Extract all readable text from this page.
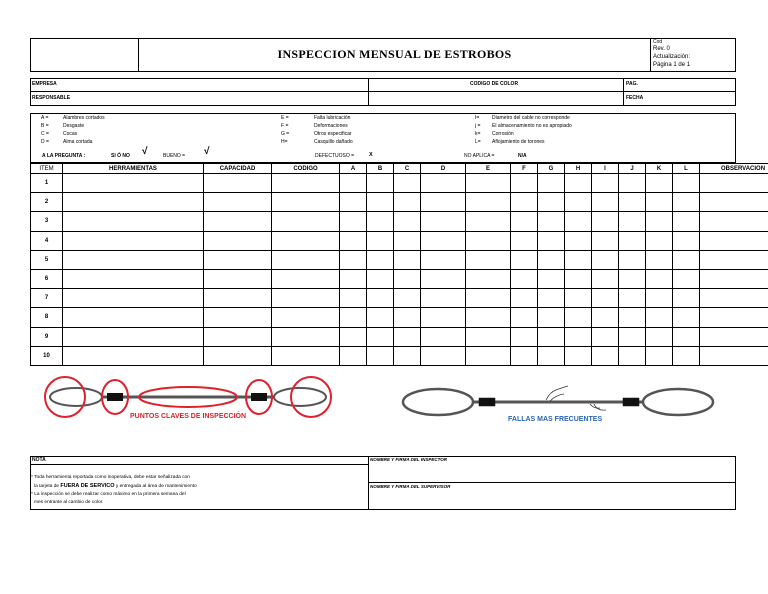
INSPECCION MENSUAL DE ESTROBOS
Cod
Rev. 0
Actualización:
Página 1 de 1
EMPRESA	CODIGO DE COLOR	PAG.
RESPONSABLE	FECHA
A =	Alambres cortados
B =	Desgaste
C =	Cocas
D =	Alma cortada
E =	Falta lubricación
F =	Deformaciones
G =	Otros especificar
H=	Casquillo dañado
I=	Diametro del cable no corresponde
j =	El almacenamiento no es apropiado
k=	Corrosión
L=	Aflojamiento de torones
A LA PREGUNTA :	SI Ó NO √	BUENO = √	DEFECTUOSO =	X	NO APLICA =	N/A
ITEM	HERRAMIENTAS	CAPACIDAD	CODIGO	A	B	C	D	E	F	G	H	I	J	K	L	OBSERVACION
1																
2																
3																
4																
5																
6																
7																
8																
9																
10																
PUNTOS CLAVES DE INSPECCIÓN	FALLAS MAS FRECUENTES
NOTA
* Toda herramienta reportada como inoperativa, debe estar señalizada con
la tarjeta de FUERA DE SERVICO y entregada al área de mantenimiento
* La inspección se debe realizar como máximo en la primera semana del
mes entrante al cambio de color.
NOMBRE Y FIRMA DEL INSPECTOR
NOMBRE Y FIRMA DEL SUPERVISOR
